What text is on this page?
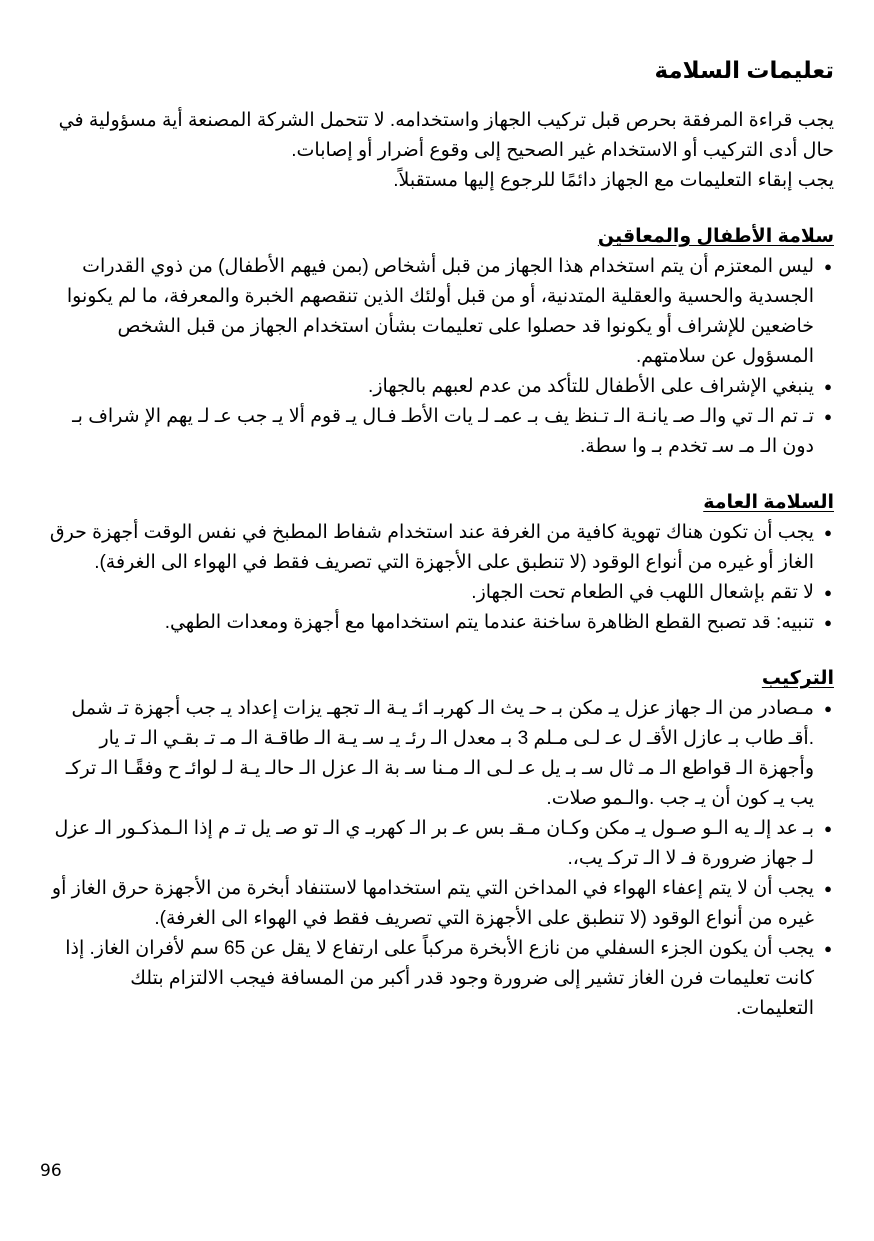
تعليمات السلامة

يجب قراءة المرفقة بحرص قبل تركيب الجهاز واستخدامه. لا تتحمل الشركة المصنعة أية مسؤولية في حال أدى التركيب أو الاستخدام غير الصحيح إلى وقوع أضرار أو إصابات.

يجب إبقاء التعليمات مع الجهاز دائمًا للرجوع إليها مستقبلاً.

سلامة الأطفال والمعاقين
● ليس المعتزم أن يتم استخدام هذا الجهاز من قبل أشخاص (بمن فيهم الأطفال) من ذوي القدرات الجسدية والحسية والعقلية المتدنية، أو من قبل أولئك الذين تنقصهم الخبرة والمعرفة، ما لم يكونوا خاضعين للإشراف أو يكونوا قد حصلوا على تعليمات بشأن استخدام الجهاز من قبل الشخص المسؤول عن سلامتهم.
● ينبغي الإشراف على الأطفال للتأكد من عدم لعبهم بالجهاز.
● تـ تم الـ تي والـ صـ يانـة الـ تـنظ يف بـ عمـ لـ يات الأطـ فـال يـ قوم ألا يـ جب عـ لـ يهم الإ شراف بـ دون الـ مـ سـ تخدم بـ وا سطة.
السلامة العامة
● يجب أن تكون هناك تهوية كافية من الغرفة عند استخدام شفاط المطبخ في نفس الوقت أجهزة حرق الغاز أو غيره من أنواع الوقود (لا تنطبق على الأجهزة التي تصريف فقط في الهواء الى الغرفة).
● لا تقم بإشعال اللهب في الطعام تحت الجهاز.
● تنبيه: قد تصبح القطع الظاهرة ساخنة عندما يتم استخدامها مع أجهزة ومعدات الطهي.
التركيب
● مـصادر من الـ جهاز عزل يـ مكن بـ حـ يث الـ كهربـ ائـ يـة الـ تجهـ يزات إعداد يـ جب أجهزة تـ شمل .أقـ طاب بـ عازل الأقـ ل عـ لـى مـلم 3 بـ معدل الـ رئـ يـ سـ يـة الـ طاقـة الـ مـ تـ بقـي الـ تـ يار وأجهزة الـ قواطع الـ مـ ثال سـ بـ يل عـ لـى الـ مـنا سـ بة الـ عزل الـ حالـ يـة لـ لوائـ ح وفقًـا الـ تركـ يب يـ كون أن يـ جب .والـمو صلات.
● بـ عد إلـ يه الـو صـول يـ مكن وكـان مـقـ بس عـ بر الـ كهربـ ي الـ تو صـ يل تـ م إذا الـمذكـور الـ عزل لـ جهاز ضرورة فـ لا الـ تركـ يب،.
● يجب أن لا يتم إعفاء الهواء في المداخن التي يتم استخدامها لاستنفاد أبخرة من الأجهزة حرق الغاز أو غيره من أنواع الوقود (لا تنطبق على الأجهزة التي تصريف فقط في الهواء الى الغرفة).
● يجب أن يكون الجزء السفلي من نازع الأبخرة مركباً على ارتفاع لا يقل عن 65 سم لأفران الغاز. إذا كانت تعليمات فرن الغاز تشير إلى ضرورة وجود قدر أكبر من المسافة فيجب الالتزام بتلك التعليمات.
96
